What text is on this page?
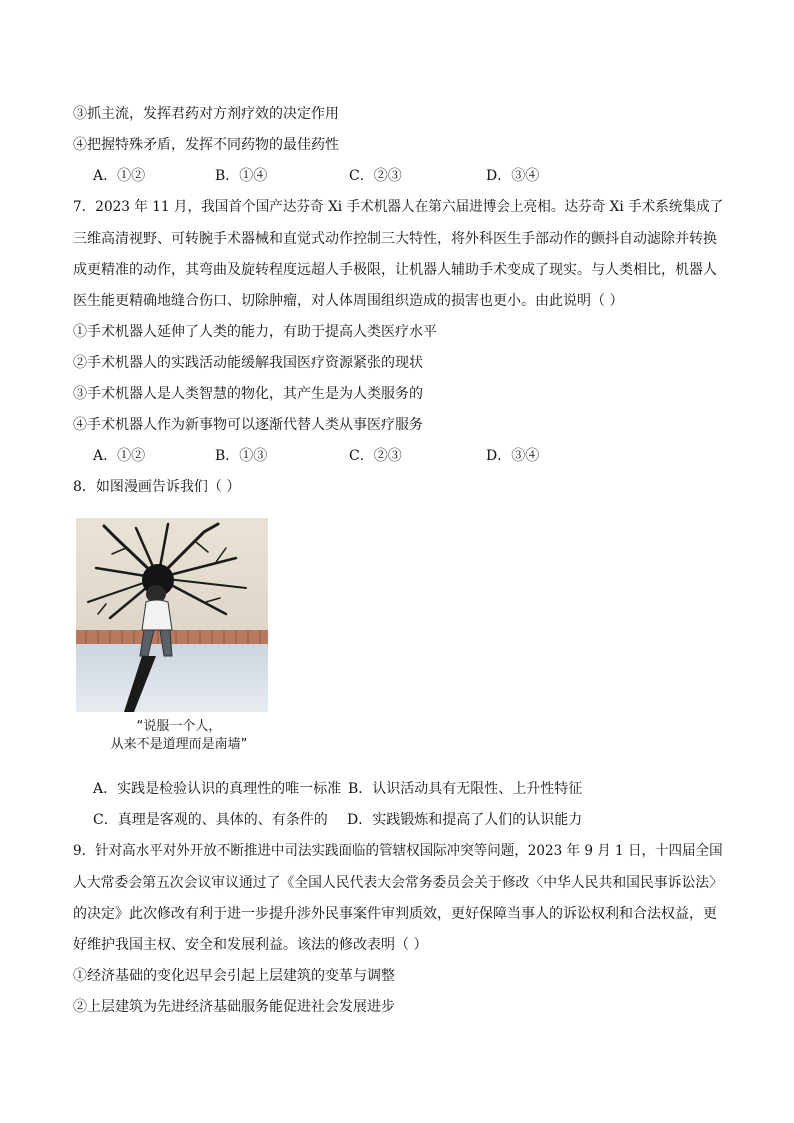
③抓主流，发挥君药对方剂疗效的决定作用
④把握特殊矛盾，发挥不同药物的最佳药性
A．①②	B．①④	C．②③	D．③④
7．2023 年 11 月，我国首个国产达芬奇 Xi 手术机器人在第六届进博会上亮相。达芬奇 Xi 手术系统集成了
三维高清视野、可转腕手术器械和直觉式动作控制三大特性，将外科医生手部动作的颤抖自动滤除并转换
成更精准的动作，其弯曲及旋转程度远超人手极限，让机器人辅助手术变成了现实。与人类相比，机器人
医生能更精确地缝合伤口、切除肿瘤，对人体周围组织造成的损害也更小。由此说明（ ）
①手术机器人延伸了人类的能力，有助于提高人类医疗水平
②手术机器人的实践活动能缓解我国医疗资源紧张的现状
③手术机器人是人类智慧的物化，其产生是为人类服务的
④手术机器人作为新事物可以逐渐代替人类从事医疗服务
A．①②	B．①③	C．②③	D．③④
8．如图漫画告诉我们（ ）
“说服一个人，
从来不是道理而是南墙”
A．实践是检验认识的真理性的唯一标准 B．认识活动具有无限性、上升性特征
C．真理是客观的、具体的、有条件的 D．实践锻炼和提高了人们的认识能力
9．针对高水平对外开放不断推进中司法实践面临的管辖权国际冲突等问题，2023 年 9 月 1 日，十四届全国
人大常委会第五次会议审议通过了《全国人民代表大会常务委员会关于修改〈中华人民共和国民事诉讼法〉
的决定》此次修改有利于进一步提升涉外民事案件审判质效，更好保障当事人的诉讼权利和合法权益，更
好维护我国主权、安全和发展利益。该法的修改表明（ ）
①经济基础的变化迟早会引起上层建筑的变革与调整
②上层建筑为先进经济基础服务能促进社会发展进步
